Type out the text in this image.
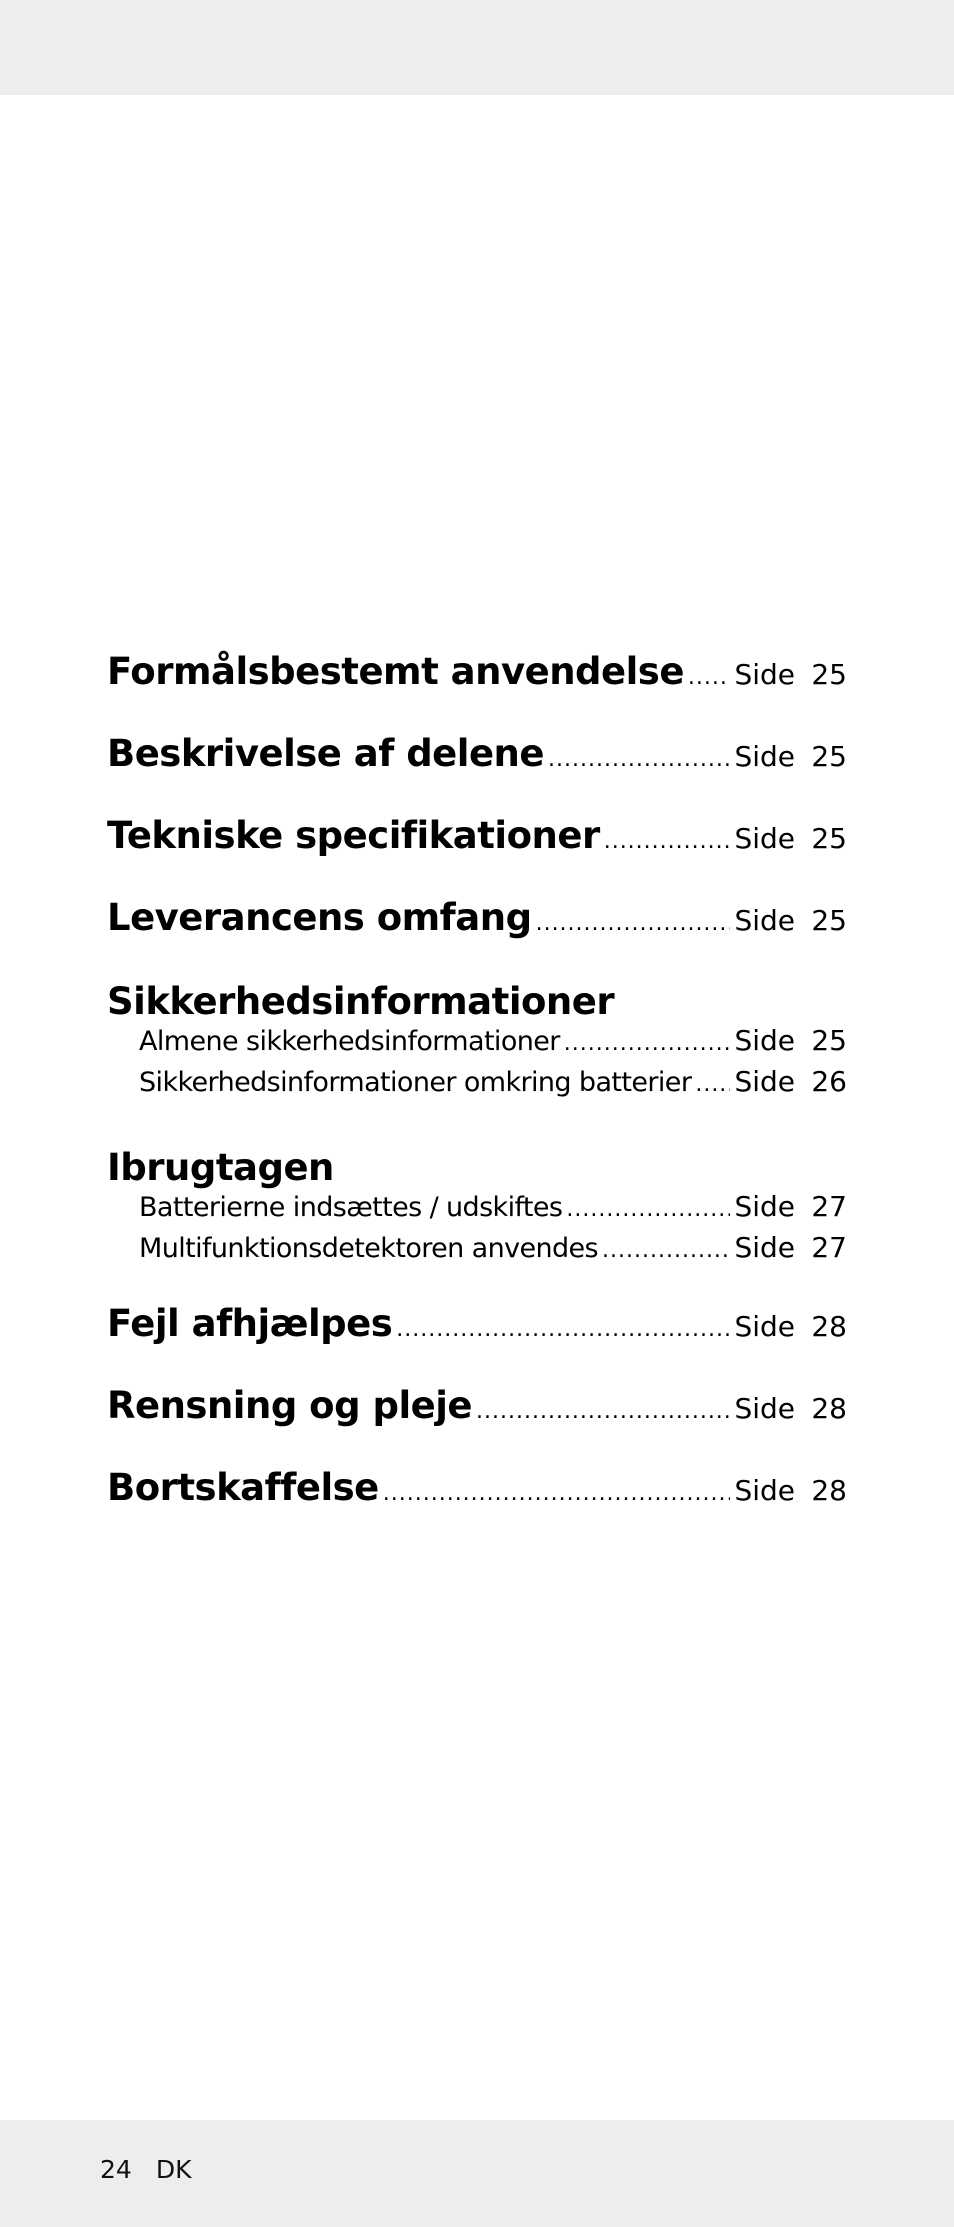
Formålsbestemt anvendelse ..... Side 25
Beskrivelse af delene .....	Side 25
Tekniske specifikationer .....	Side 25
Leverancens omfang .....	Side 25
Sikkerhedsinformationer
Almene sikkerhedsinformationer .....	Side 25
Sikkerhedsinformationer omkring batterier ..... Side 26
Ibrugtagen
Batterierne indsættes / udskiftes .....	Side 27
Multifunktionsdetektoren anvendes .....	Side 27
Fejl afhjælpes .....	Side 28
Rensning og pleje .....	Side 28
Bortskaffelse .....	Side 28
24 DK
